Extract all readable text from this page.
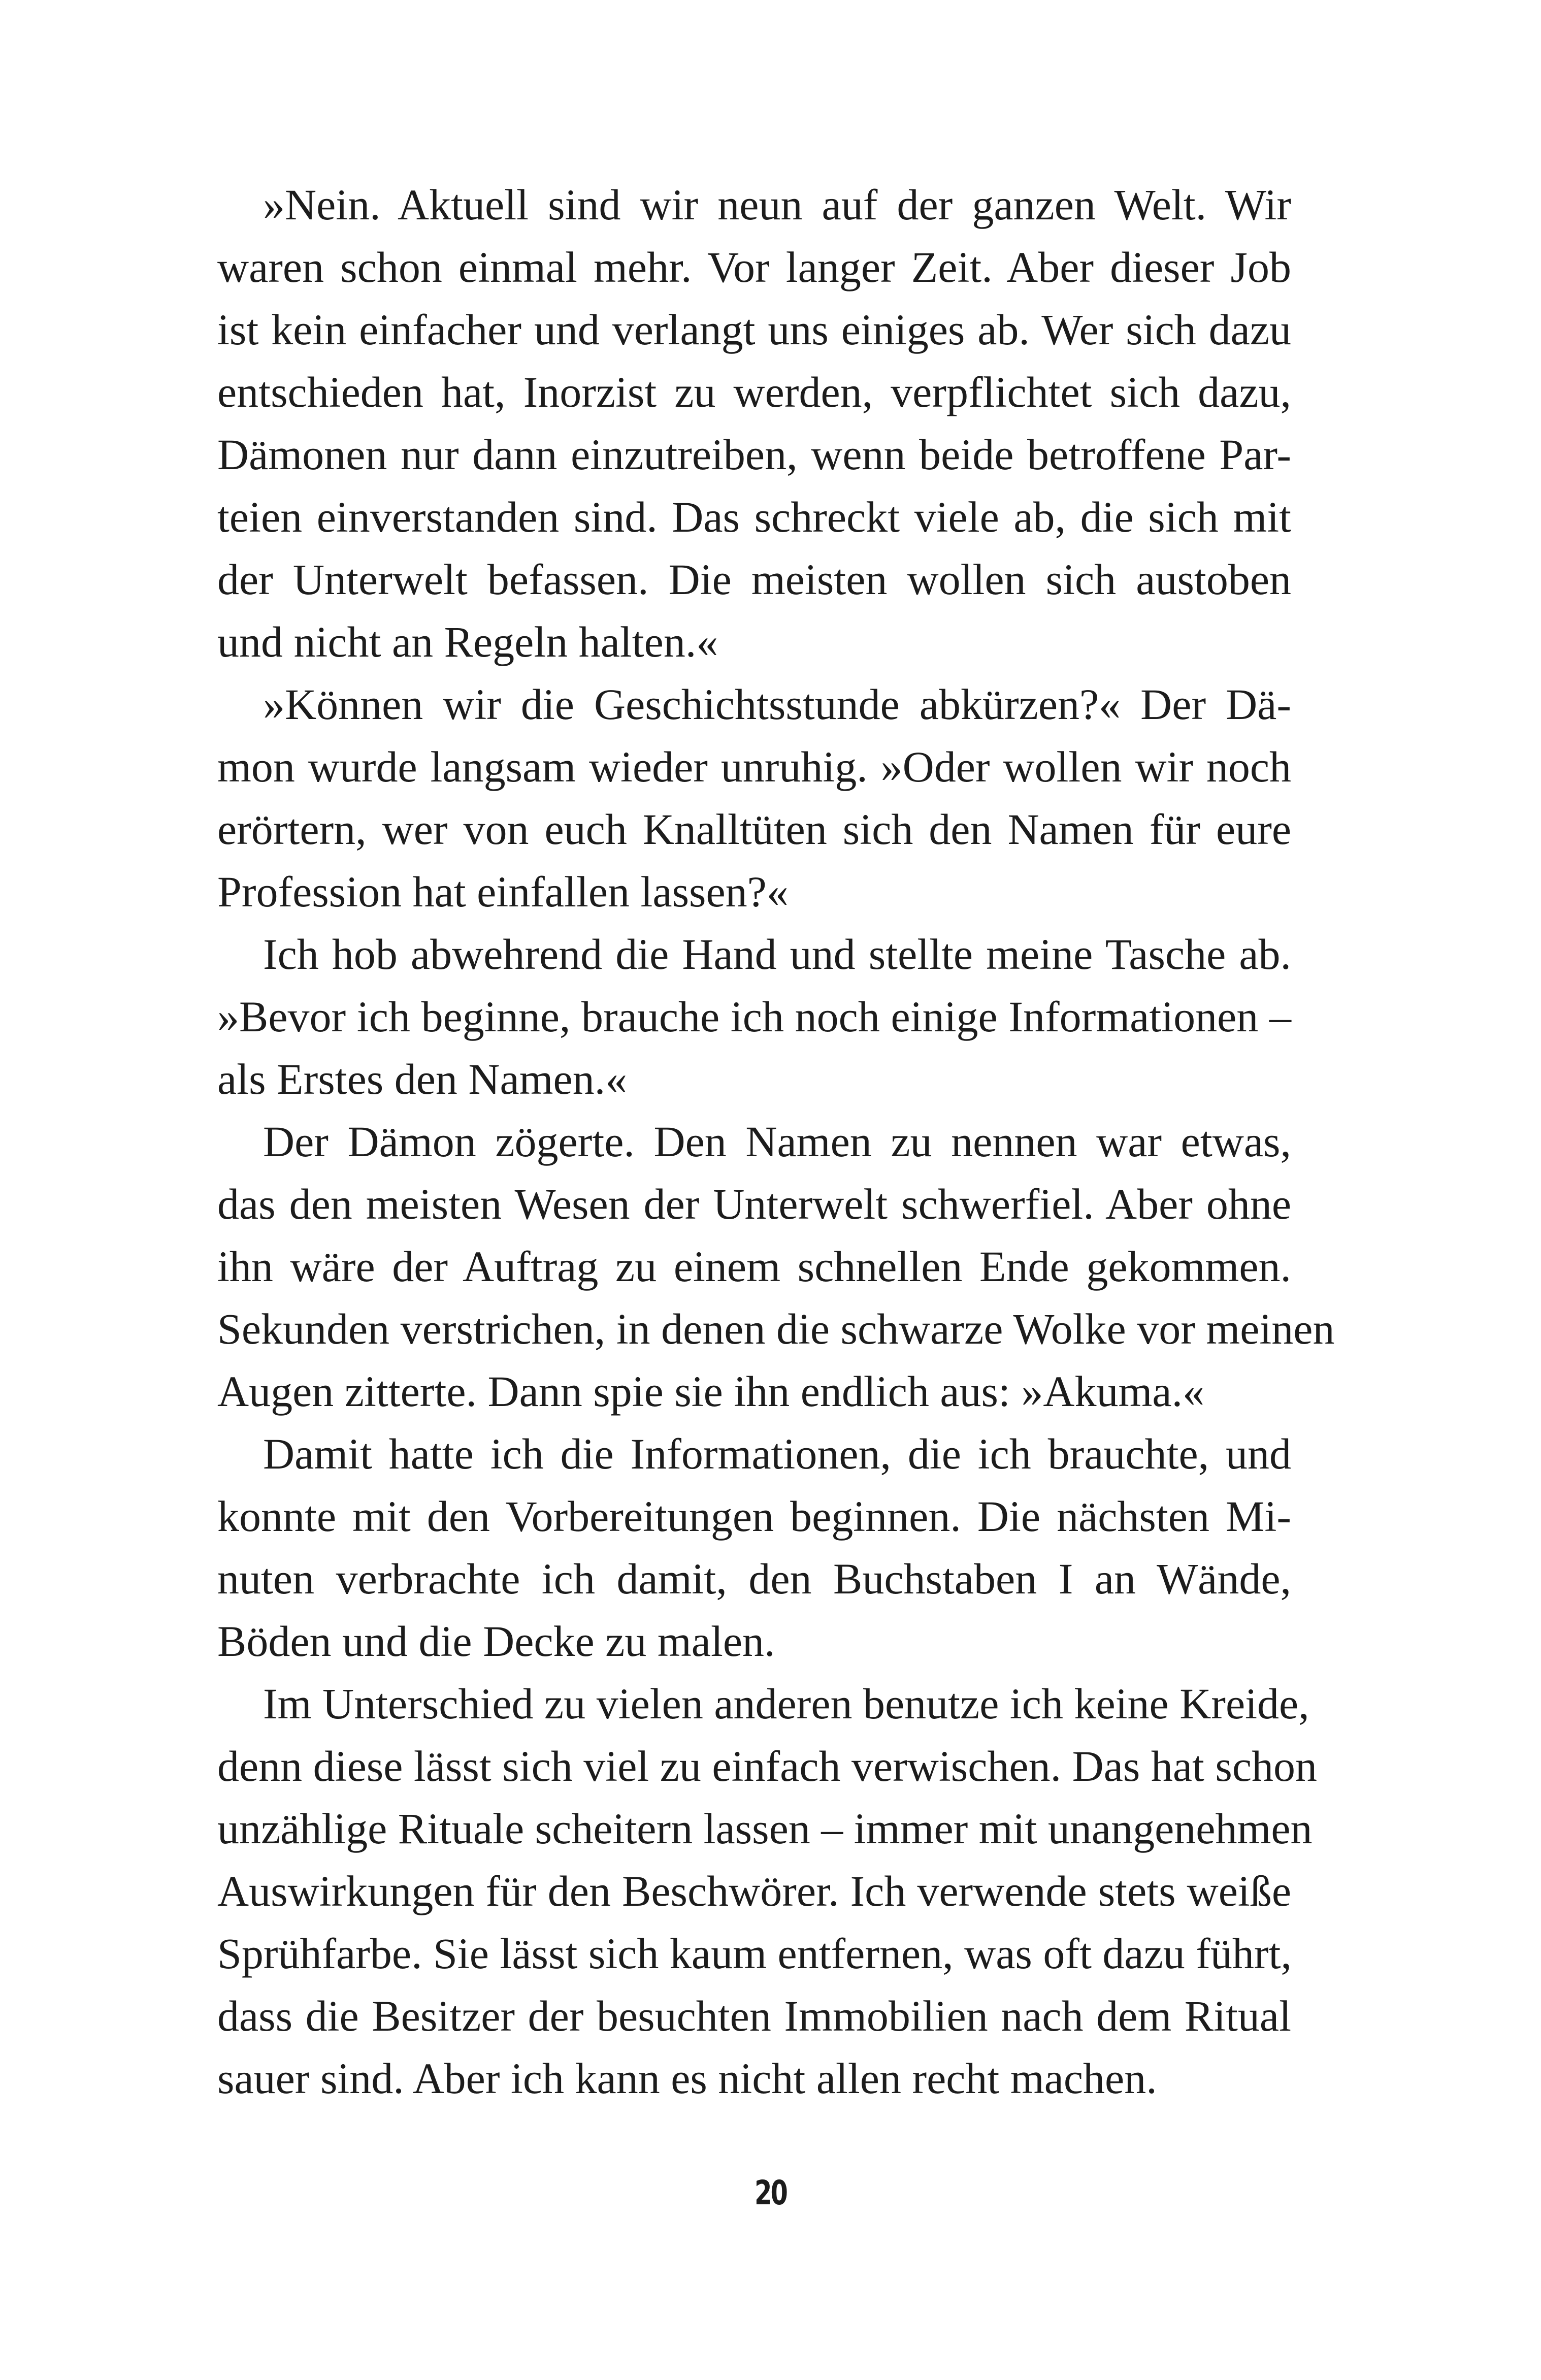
»Nein. Aktuell sind wir neun auf der ganzen Welt. Wir
waren schon einmal mehr. Vor langer Zeit. Aber dieser Job
ist kein einfacher und verlangt uns einiges ab. Wer sich dazu
entschieden hat, Inorzist zu werden, verpflichtet sich dazu,
Dämonen nur dann einzutreiben, wenn beide betroffene Par-
teien einverstanden sind. Das schreckt viele ab, die sich mit
der Unterwelt befassen. Die meisten wollen sich austoben
und nicht an Regeln halten.«
»Können wir die Geschichtsstunde abkürzen?« Der Dä-
mon wurde langsam wieder unruhig. »Oder wollen wir noch
erörtern, wer von euch Knalltüten sich den Namen für eure
Profession hat einfallen lassen?«
Ich hob abwehrend die Hand und stellte meine Tasche ab.
»Bevor ich beginne, brauche ich noch einige Informationen –
als Erstes den Namen.«
Der Dämon zögerte. Den Namen zu nennen war etwas,
das den meisten Wesen der Unterwelt schwerfiel. Aber ohne
ihn wäre der Auftrag zu einem schnellen Ende gekommen.
Sekunden verstrichen, in denen die schwarze Wolke vor meinen
Augen zitterte. Dann spie sie ihn endlich aus: »Akuma.«
Damit hatte ich die Informationen, die ich brauchte, und
konnte mit den Vorbereitungen beginnen. Die nächsten Mi-
nuten verbrachte ich damit, den Buchstaben I an Wände,
Böden und die Decke zu malen.
Im Unterschied zu vielen anderen benutze ich keine Kreide,
denn diese lässt sich viel zu einfach verwischen. Das hat schon
unzählige Rituale scheitern lassen – immer mit unangenehmen
Auswirkungen für den Beschwörer. Ich verwende stets weiße
Sprühfarbe. Sie lässt sich kaum entfernen, was oft dazu führt,
dass die Besitzer der besuchten Immobilien nach dem Ritual
sauer sind. Aber ich kann es nicht allen recht machen.
20
